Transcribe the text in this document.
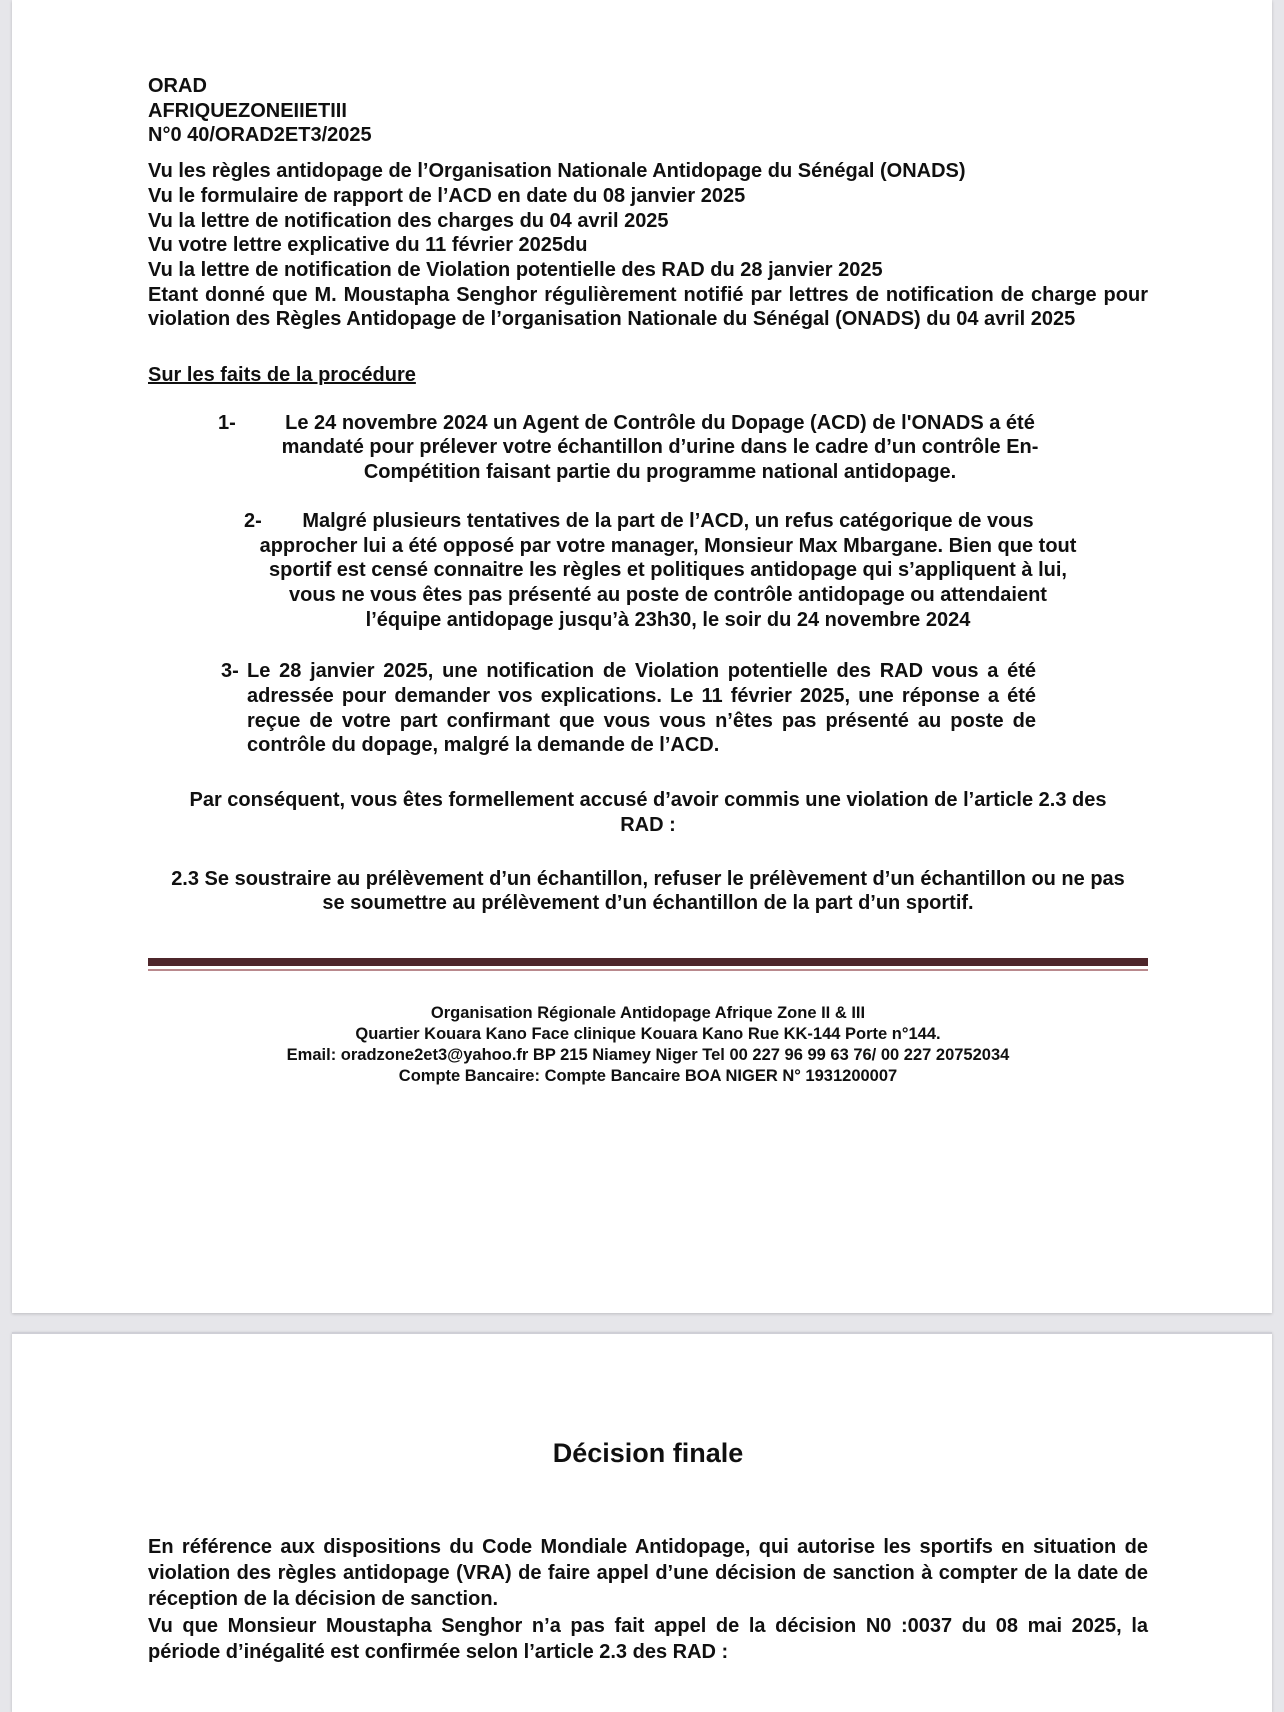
ORAD
AFRIQUEZONEIIETIII
N°0 40/ORAD2ET3/2025
Vu les règles antidopage de l’Organisation Nationale Antidopage du Sénégal (ONADS)
Vu le formulaire de rapport de l’ACD en date du 08 janvier 2025
Vu la lettre de notification des charges du 04 avril 2025
Vu votre lettre explicative du 11 février 2025du
Vu la lettre de notification de Violation potentielle des RAD du 28 janvier 2025

Etant donné que M. Moustapha Senghor régulièrement notifié par lettres de notification de charge pour violation des Règles Antidopage de l’organisation Nationale du Sénégal (ONADS) du 04 avril 2025

Sur les faits de la procédure
1- Le 24 novembre 2024 un Agent de Contrôle du Dopage (ACD) de l'ONADS a été mandaté pour prélever votre échantillon d’urine dans le cadre d’un contrôle En-Compétition faisant partie du programme national antidopage.
2- Malgré plusieurs tentatives de la part de l’ACD, un refus catégorique de vous approcher lui a été opposé par votre manager, Monsieur Max Mbargane. Bien que tout sportif est censé connaitre les règles et politiques antidopage qui s’appliquent à lui, vous ne vous êtes pas présenté au poste de contrôle antidopage ou attendaient l’équipe antidopage jusqu’à 23h30, le soir du 24 novembre 2024
3- Le 28 janvier 2025, une notification de Violation potentielle des RAD vous a été adressée pour demander vos explications. Le 11 février 2025, une réponse a été reçue de votre part confirmant que vous vous n’êtes pas présenté au poste de contrôle du dopage, malgré la demande de l’ACD.
Par conséquent, vous êtes formellement accusé d’avoir commis une violation de l’article 2.3 des RAD :
2.3 Se soustraire au prélèvement d’un échantillon, refuser le prélèvement d’un échantillon ou ne pas se soumettre au prélèvement d’un échantillon de la part d’un sportif.
Organisation Régionale Antidopage Afrique Zone II & III
Quartier Kouara Kano Face clinique Kouara Kano Rue KK-144 Porte n°144.
Email: oradzone2et3@yahoo.fr BP 215 Niamey Niger Tel 00 227 96 99 63 76/ 00 227 20752034
Compte Bancaire: Compte Bancaire BOA NIGER N° 1931200007
Décision finale

En référence aux dispositions du Code Mondiale Antidopage, qui autorise les sportifs en situation de violation des règles antidopage (VRA) de faire appel d’une décision de sanction à compter de la date de réception de la décision de sanction.

Vu que Monsieur Moustapha Senghor n’a pas fait appel de la décision N0 :0037 du 08 mai 2025, la période d’inégalité est confirmée selon l’article 2.3 des RAD :
